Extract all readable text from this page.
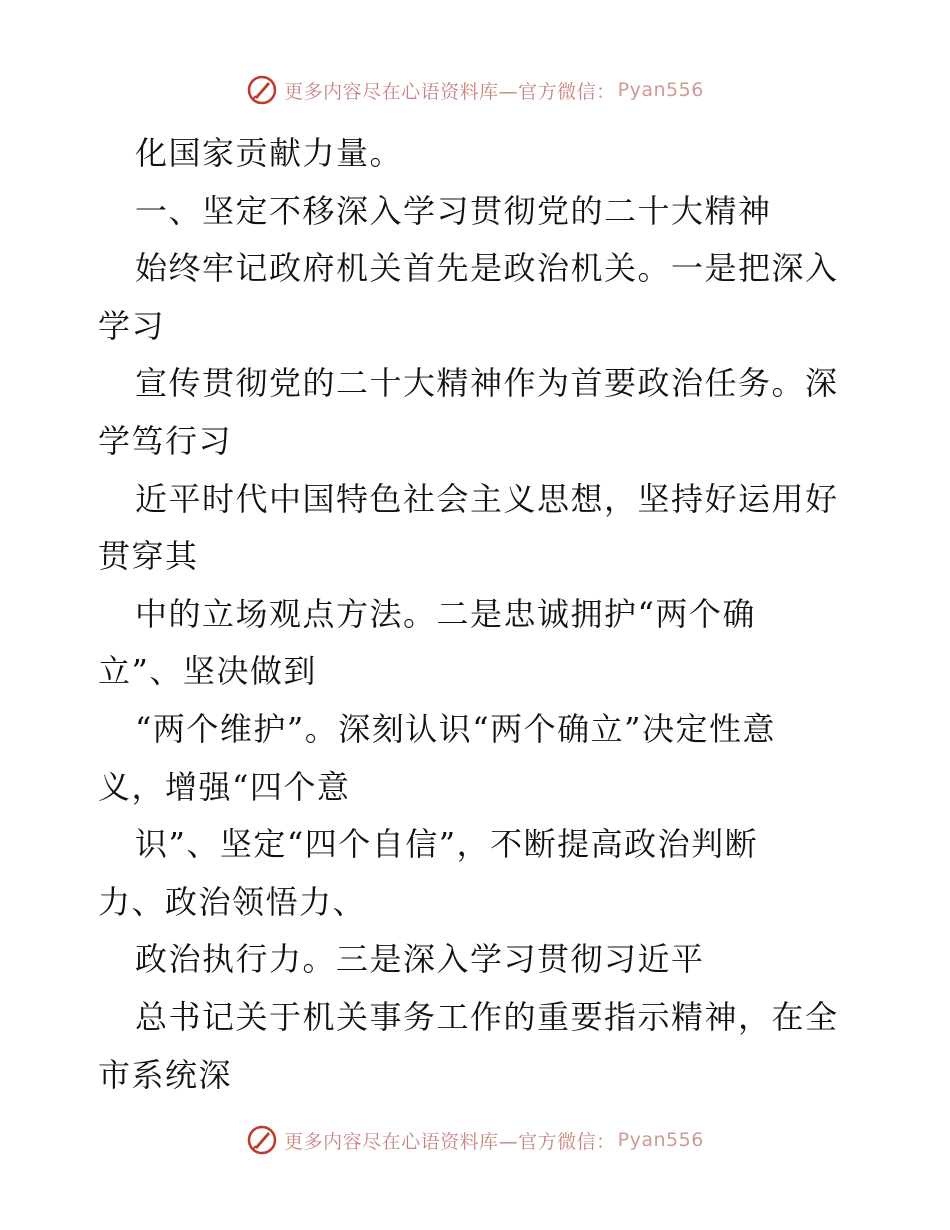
更多内容尽在心语资料库—官方微信： Pyan556
化国家贡献力量。
一、坚定不移深入学习贯彻党的二十大精神
始终牢记政府机关首先是政治机关。一是把深入
学习
宣传贯彻党的二十大精神作为首要政治任务。深
学笃行习
近平时代中国特色社会主义思想，坚持好运用好
贯穿其
中的立场观点方法。二是忠诚拥护“两个确
立”、坚决做到
“两个维护”。深刻认识“两个确立”决定性意
义，增强“四个意
识”、坚定“四个自信”，不断提高政治判断
力、政治领悟力、
政治执行力。三是深入学习贯彻习近平
总书记关于机关事务工作的重要指示精神，在全
市系统深
更多内容尽在心语资料库—官方微信： Pyan556
